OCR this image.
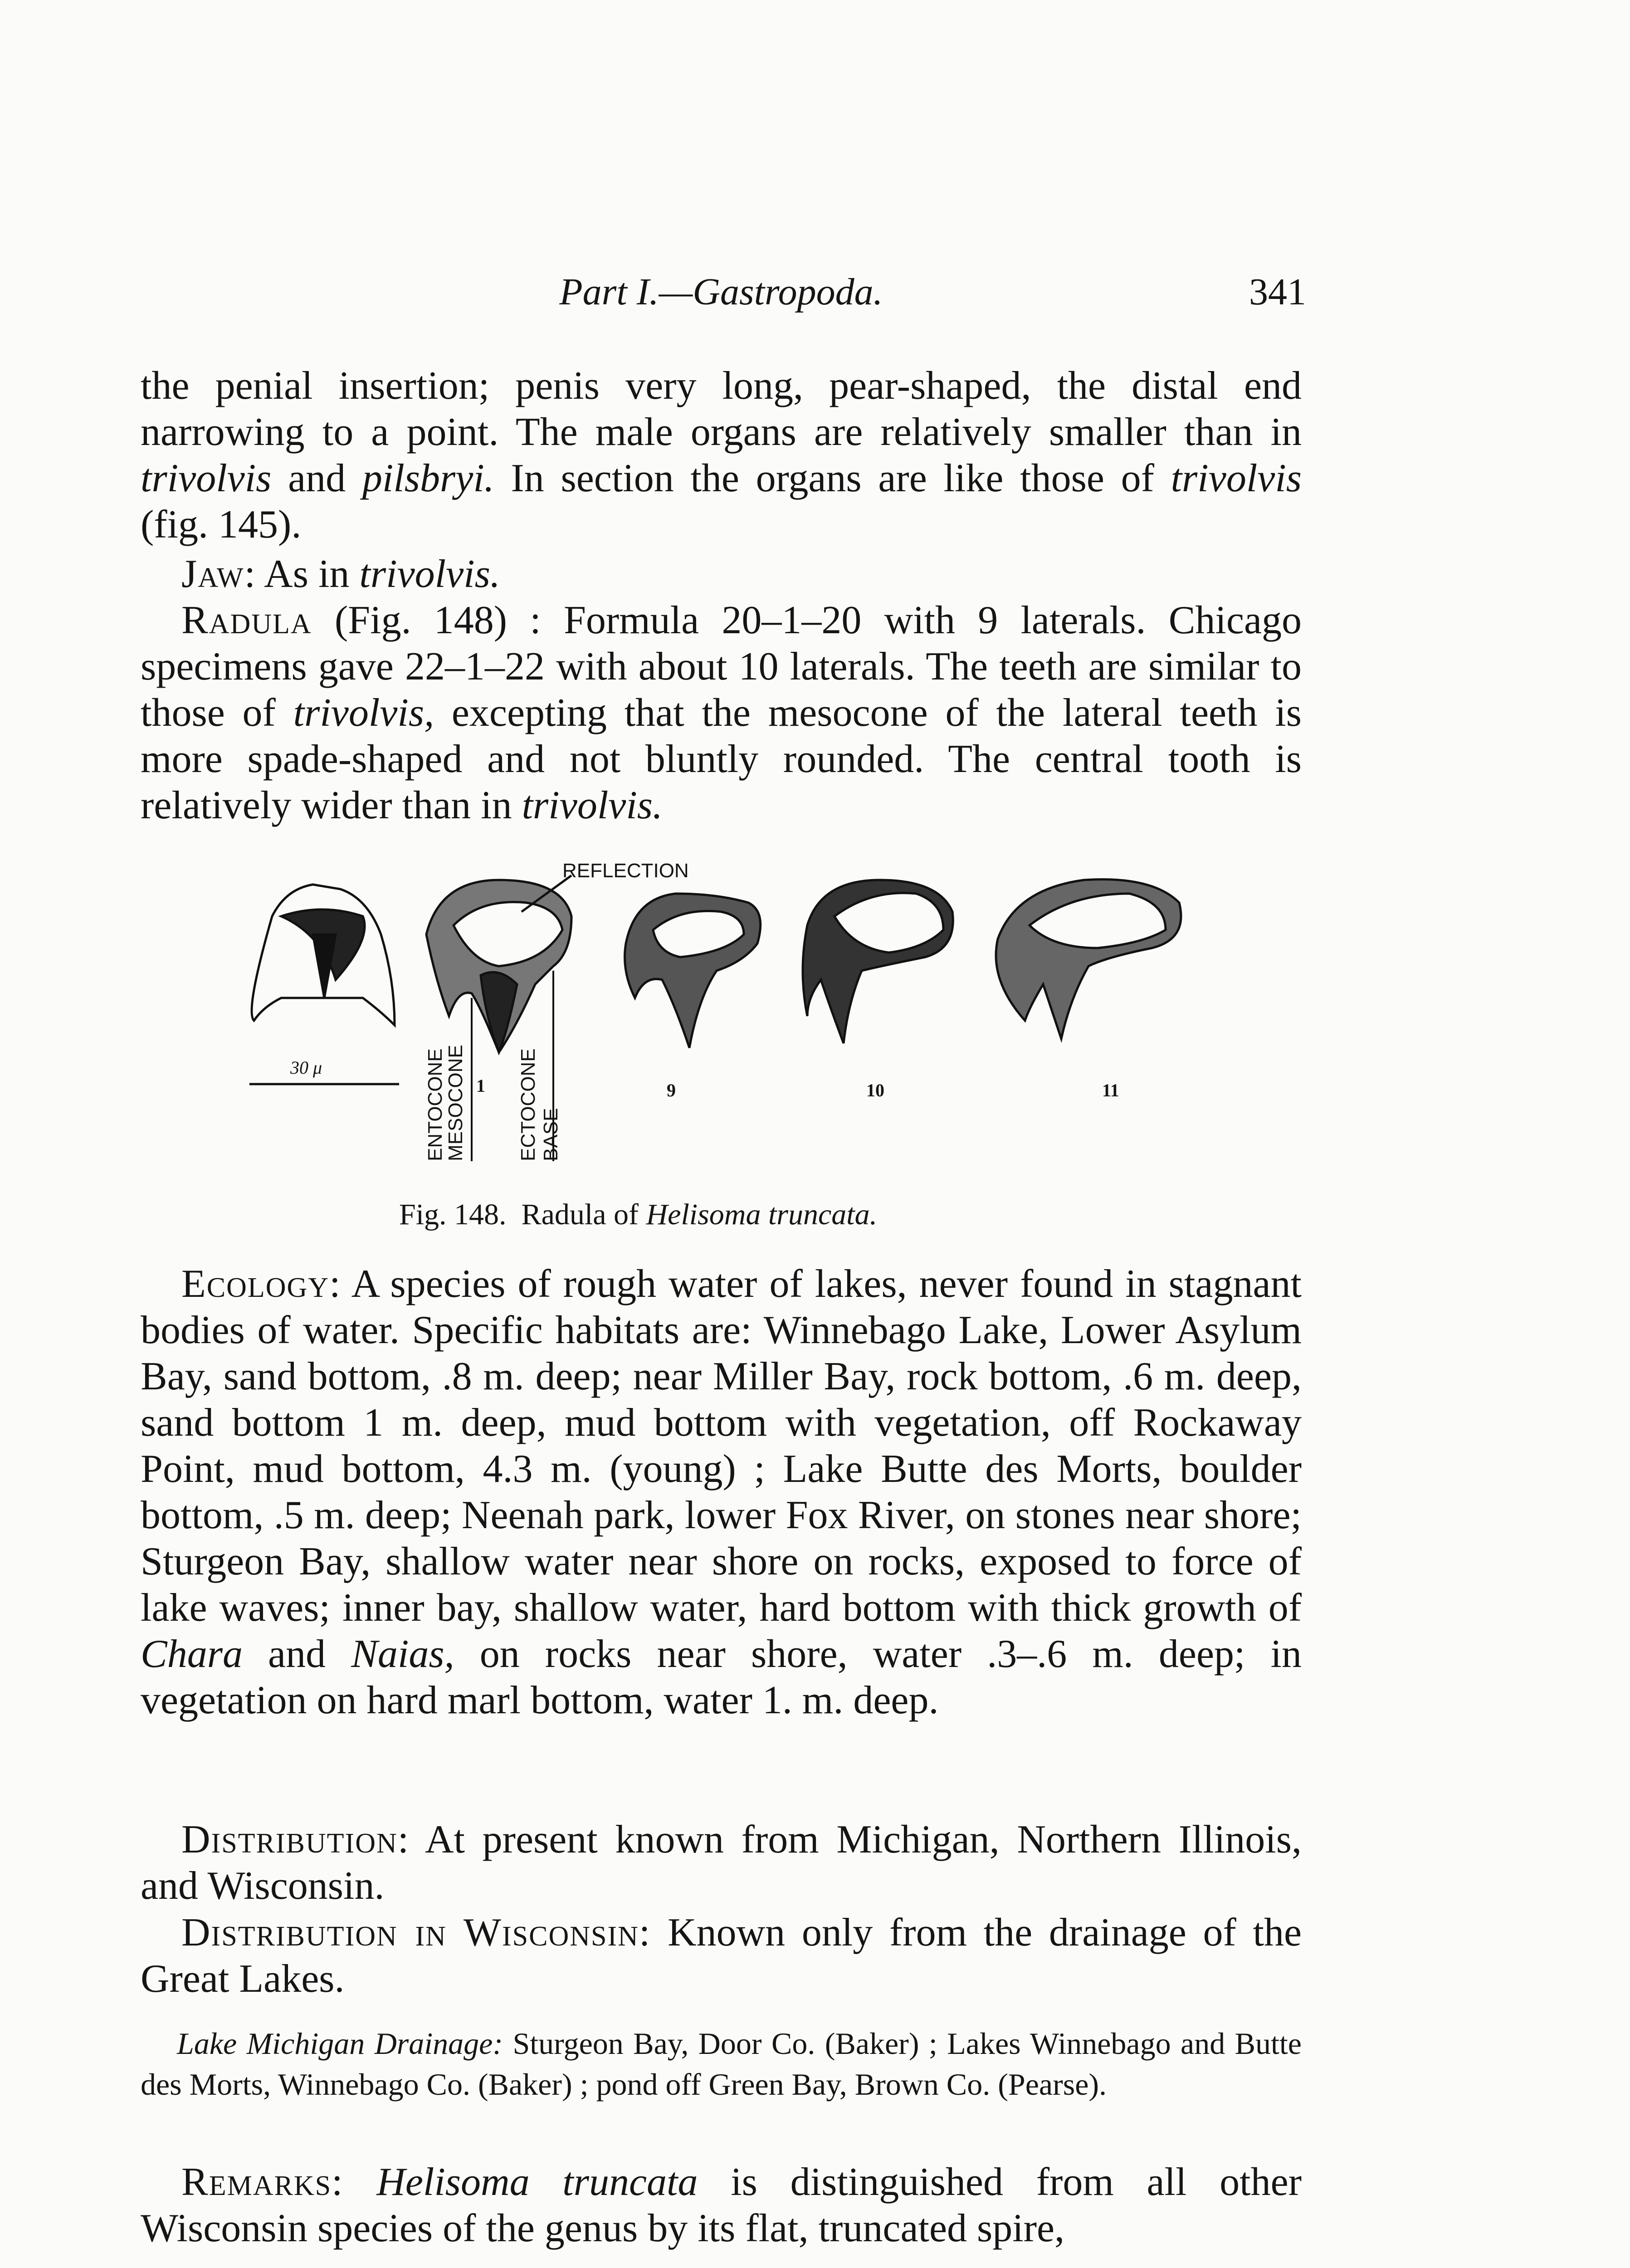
Part I.—Gastropoda.	341
the penial insertion; penis very long, pear-shaped, the distal end narrowing to a point. The male organs are relatively smaller than in trivolvis and pilsbryi. In section the organs are like those of trivolvis (fig. 145).
Jaw: As in trivolvis.
Radula (Fig. 148) : Formula 20–1–20 with 9 laterals. Chicago specimens gave 22–1–22 with about 10 laterals. The teeth are similar to those of trivolvis, excepting that the mesocone of the lateral teeth is more spade-shaped and not bluntly rounded. The central tooth is relatively wider than in trivolvis.
REFLECTION
30 μ	ENTOCONE
MESOCONE	ECTOCONE BASE
1	9	10	11
Fig. 148. Radula of Helisoma truncata.
Ecology: A species of rough water of lakes, never found in stagnant bodies of water. Specific habitats are: Winnebago Lake, Lower Asylum Bay, sand bottom, .8 m. deep; near Miller Bay, rock bottom, .6 m. deep, sand bottom 1 m. deep, mud bottom with vegetation, off Rockaway Point, mud bottom, 4.3 m. (young) ; Lake Butte des Morts, boulder bottom, .5 m. deep; Neenah park, lower Fox River, on stones near shore; Sturgeon Bay, shallow water near shore on rocks, exposed to force of lake waves; inner bay, shallow water, hard bottom with thick growth of Chara and Naias, on rocks near shore, water .3–.6 m. deep; in vegetation on hard marl bottom, water 1. m. deep.
Distribution: At present known from Michigan, Northern Illinois, and Wisconsin.
Distribution in Wisconsin: Known only from the drainage of the Great Lakes.
Lake Michigan Drainage: Sturgeon Bay, Door Co. (Baker) ; Lakes Winnebago and Butte des Morts, Winnebago Co. (Baker) ; pond off Green Bay, Brown Co. (Pearse).
Remarks: Helisoma truncata is distinguished from all other Wisconsin species of the genus by its flat, truncated spire,
